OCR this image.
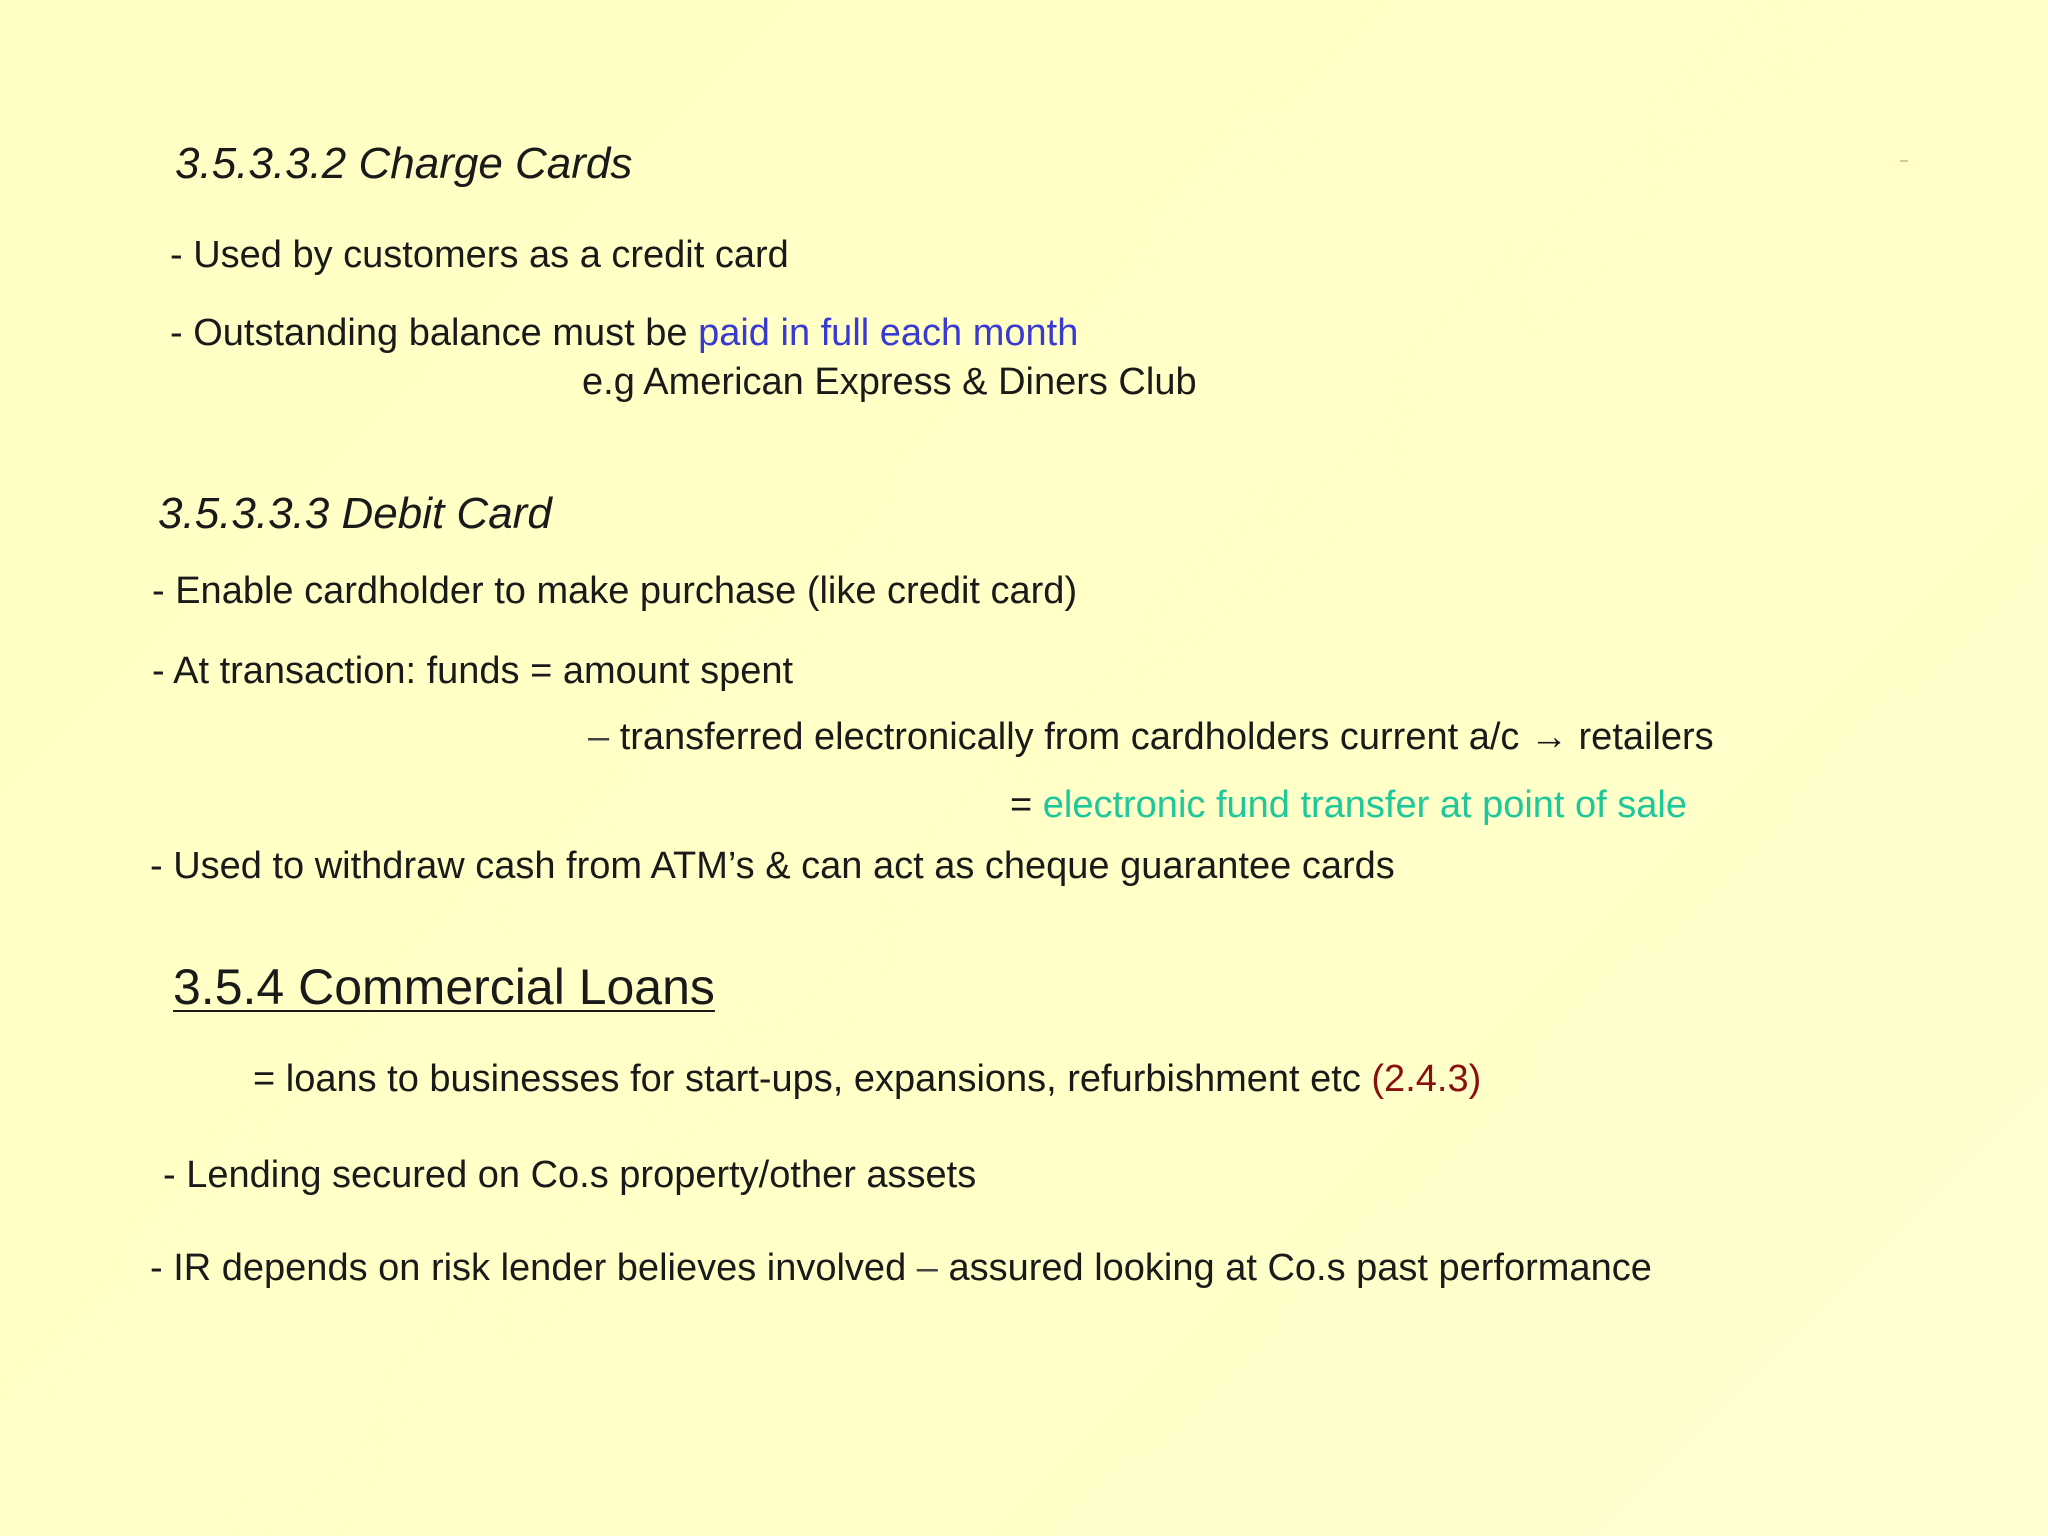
3.5.3.3.2 Charge Cards

- Used by customers as a credit card

- Outstanding balance must be paid in full each month

e.g American Express & Diners Club

3.5.3.3.3 Debit Card

- Enable cardholder to make purchase (like credit card)

- At transaction: funds = amount spent

– transferred electronically from cardholders current a/c → retailers

= electronic fund transfer at point of sale

- Used to withdraw cash from ATM’s & can act as cheque guarantee cards

3.5.4 Commercial Loans

= loans to businesses for start-ups, expansions, refurbishment etc (2.4.3)

- Lending secured on Co.s property/other assets

- IR depends on risk lender believes involved – assured looking at Co.s past performance
